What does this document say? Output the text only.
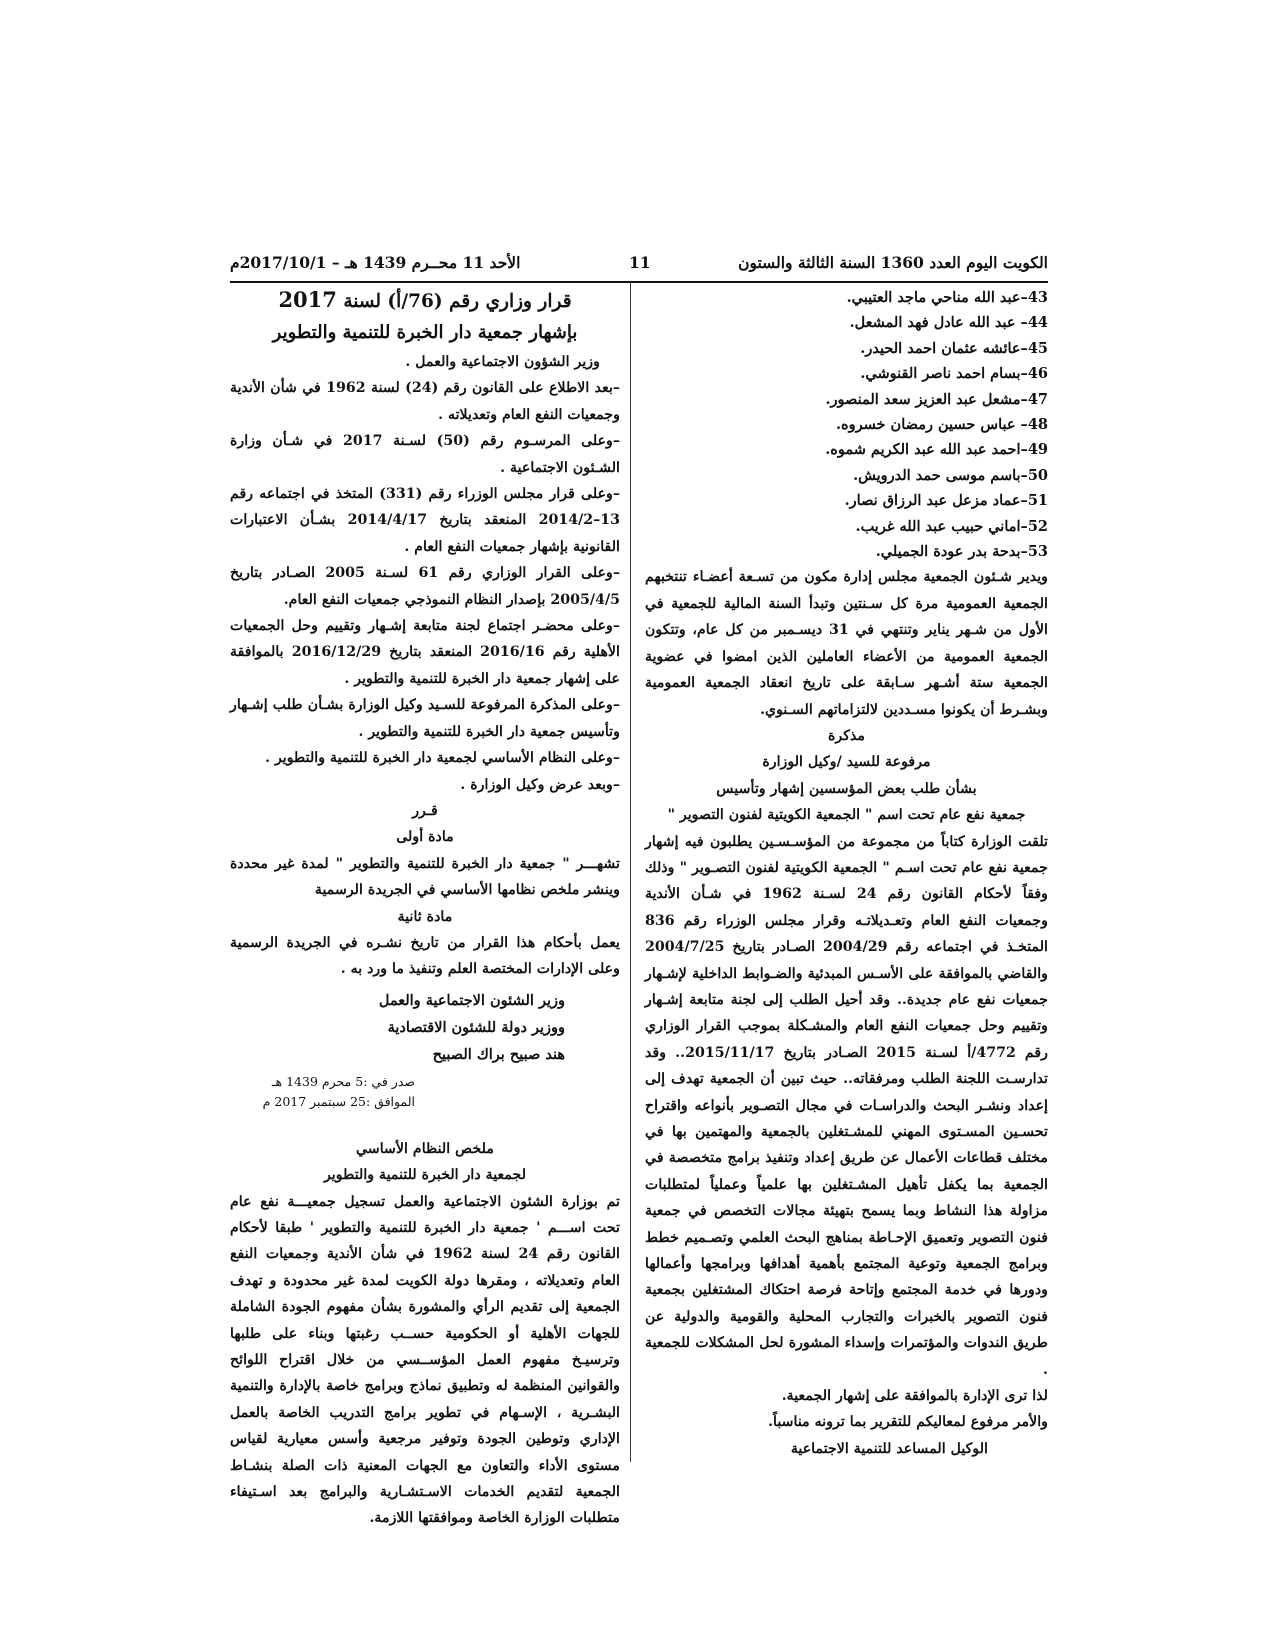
الكويت اليوم العدد 1360 السنة الثالثة والستون
11
الأحد 11 محــرم 1439 هـ – 2017/10/1م

43–عبد الله مناحي ماجد العتيبي.

44– عبد الله عادل فهد المشعل.

45–عائشه عثمان احمد الحيدر.

46–بسام احمد ناصر القنوشي.

47–مشعل عبد العزيز سعد المنصور.

48– عباس حسين رمضان خسروه.

49–احمد عبد الله عبد الكريم شموه.

50–باسم موسى حمد الدرويش.

51–عماد مزعل عبد الرزاق نصار.

52–اماني حبيب عبد الله غريب.

53–بدحة بدر عودة الجميلي.

ويدير شـئون الجمعية مجلس إدارة مكون من تسـعة أعضـاء تنتخبهم الجمعية العمومية مرة كل سـنتين وتبدأ السنة المالية للجمعية في الأول من شـهر يناير وتنتهي في 31 ديسـمبر من كل عام، وتتكون الجمعية العمومية من الأعضاء العاملين الذين امضوا في عضوية الجمعية ستة أشـهر سـابقة على تاريخ انعقاد الجمعية العمومية وبشـرط أن يكونوا مسـددين لالتزاماتهم السـنوي.

مذكرة

مرفوعة للسيد /وكيل الوزارة

بشأن طلب بعض المؤسسين إشهار وتأسيس

جمعية نفع عام تحت اسم " الجمعية الكويتية لفنون التصوير "

تلقت الوزارة كتاباً من مجموعة من المؤسـسـين يطلبون فيه إشهار جمعية نفع عام تحت اسـم " الجمعية الكويتية لفنون التصـوير " وذلك وفقاً لأحكام القانون رقم 24 لسـنة 1962 في شـأن الأندية وجمعيات النفع العام وتعـديلاتـه وقرار مجلس الوزراء رقم 836 المتخـذ في اجتماعه رقم 2004/29 الصـادر بتاريخ 2004/7/25 والقاضي بالموافقة على الأسـس المبدئية والضـوابط الداخلية لإشـهار جمعيات نفع عام جديدة.. وقد أحيل الطلب إلى لجنة متابعة إشـهار وتقييم وحل جمعيات النفع العام والمشـكلة بموجب القرار الوزاري رقم 4772/أ لسـنة 2015 الصـادر بتاريخ 2015/11/17.. وقد تدارسـت اللجنة الطلب ومرفقاته.. حيث تبين أن الجمعية تهدف إلى إعداد ونشـر البحث والدراسـات في مجال التصـوير بأنواعه واقتراح تحسـين المسـتوى المهني للمشـتغلين بالجمعية والمهتمين بها في مختلف قطاعات الأعمال عن طريق إعداد وتنفيذ برامج متخصصة في الجمعية بما يكفل تأهيل المشـتغلين بها علمياً وعملياً لمتطلبات مزاولة هذا النشاط وبما يسمح بتهيئة مجالات التخصص في جمعية فنون التصوير وتعميق الإحـاطة بمناهج البحث العلمي وتصـميم خطط وبرامج الجمعية وتوعية المجتمع بأهمية أهدافها وبرامجها وأعمالها ودورها في خدمة المجتمع وإتاحة فرصة احتكاك المشتغلين بجمعية فنون التصوير بالخبرات والتجارب المحلية والقومية والدولية عن طريق الندوات والمؤتمرات وإسداء المشورة لحل المشكلات للجمعية .

لذا ترى الإدارة بالموافقة على إشهار الجمعية.

والأمر مرفوع لمعاليكم للتقرير بما ترونه مناسباً.

الوكيل المساعد للتنمية الاجتماعية

قرار وزاري رقم (76/أ) لسنة 2017

بإشهار جمعية دار الخبرة للتنمية والتطوير

وزير الشؤون الاجتماعية والعمل .

–بعد الاطلاع على القانون رقم (24) لسنة 1962 في شأن الأندية وجمعيات النفع العام وتعديلاته .

–وعلى المرسـوم رقم (50) لسـنة 2017 في شـأن وزارة الشـئون الاجتماعية .

–وعلى قرار مجلس الوزراء رقم (331) المتخذ في اجتماعه رقم 13–2014/2 المنعقد بتاريخ 2014/4/17 بشـأن الاعتبارات القانونية بإشهار جمعيات النفع العام .

–وعلى القرار الوزاري رقم 61 لسـنة 2005 الصـادر بتاريخ 2005/4/5 بإصدار النظام النموذجي جمعيات النفع العام.

–وعلى محضـر اجتماع لجنة متابعة إشـهار وتقييم وحل الجمعيات الأهلية رقم 2016/16 المنعقد بتاريخ 2016/12/29 بالموافقة على إشهار جمعية دار الخبرة للتنمية والتطوير .

–وعلى المذكرة المرفوعة للسـيد وكيل الوزارة بشـأن طلب إشـهار وتأسيس جمعية دار الخبرة للتنمية والتطوير .

–وعلى النظام الأساسي لجمعية دار الخبرة للتنمية والتطوير .

–وبعد عرض وكيل الوزارة .

قـرر

مادة أولى

تشهـــر " جمعية دار الخبرة للتنمية والتطوير " لمدة غير محددة وينشر ملخص نظامها الأساسي في الجريدة الرسمية

مادة ثانية

يعمل بأحكام هذا القرار من تاريخ نشـره في الجريدة الرسمية وعلى الإدارات المختصة العلم وتنفيذ ما ورد به .

وزير الشئون الاجتماعية والعمل

ووزير دولة للشئون الاقتصادية

هند صبيح براك الصبيح

صدر في :5 محرم 1439 هـ

الموافق :25 سبتمبر 2017 م

ملخص النظام الأساسي

لجمعية دار الخبرة للتنمية والتطوير

تم بوزارة الشئون الاجتماعية والعمل تسجيل جمعيـــة نفع عام تحت اســـم ' جمعية دار الخبرة للتنمية والتطوير ' طبقا لأحكام القانون رقم 24 لسنة 1962 في شأن الأندية وجمعيات النفع العام وتعديلاته ، ومقرها دولة الكويت لمدة غير محدودة و تهدف الجمعية إلى تقديم الرأي والمشورة بشأن مفهوم الجودة الشاملة للجهات الأهلية أو الحكومية حســب رغبتها وبناء على طلبها وترسيـخ مفهوم العمل المؤســسي من خلال اقتراح اللوائح والقوانين المنظمة له وتطبيق نماذج وبرامج خاصة بالإدارة والتنمية البشـرية ، الإسـهام في تطوير برامج التدريب الخاصة بالعمل الإداري وتوطين الجودة وتوفير مرجعية وأسس معيارية لقياس مستوى الأداء والتعاون مع الجهات المعنية ذات الصلة بنشـاط الجمعية لتقديم الخدمات الاسـتشـارية والبرامج بعد اسـتيفاء متطلبات الوزارة الخاصة وموافقتها اللازمة.
